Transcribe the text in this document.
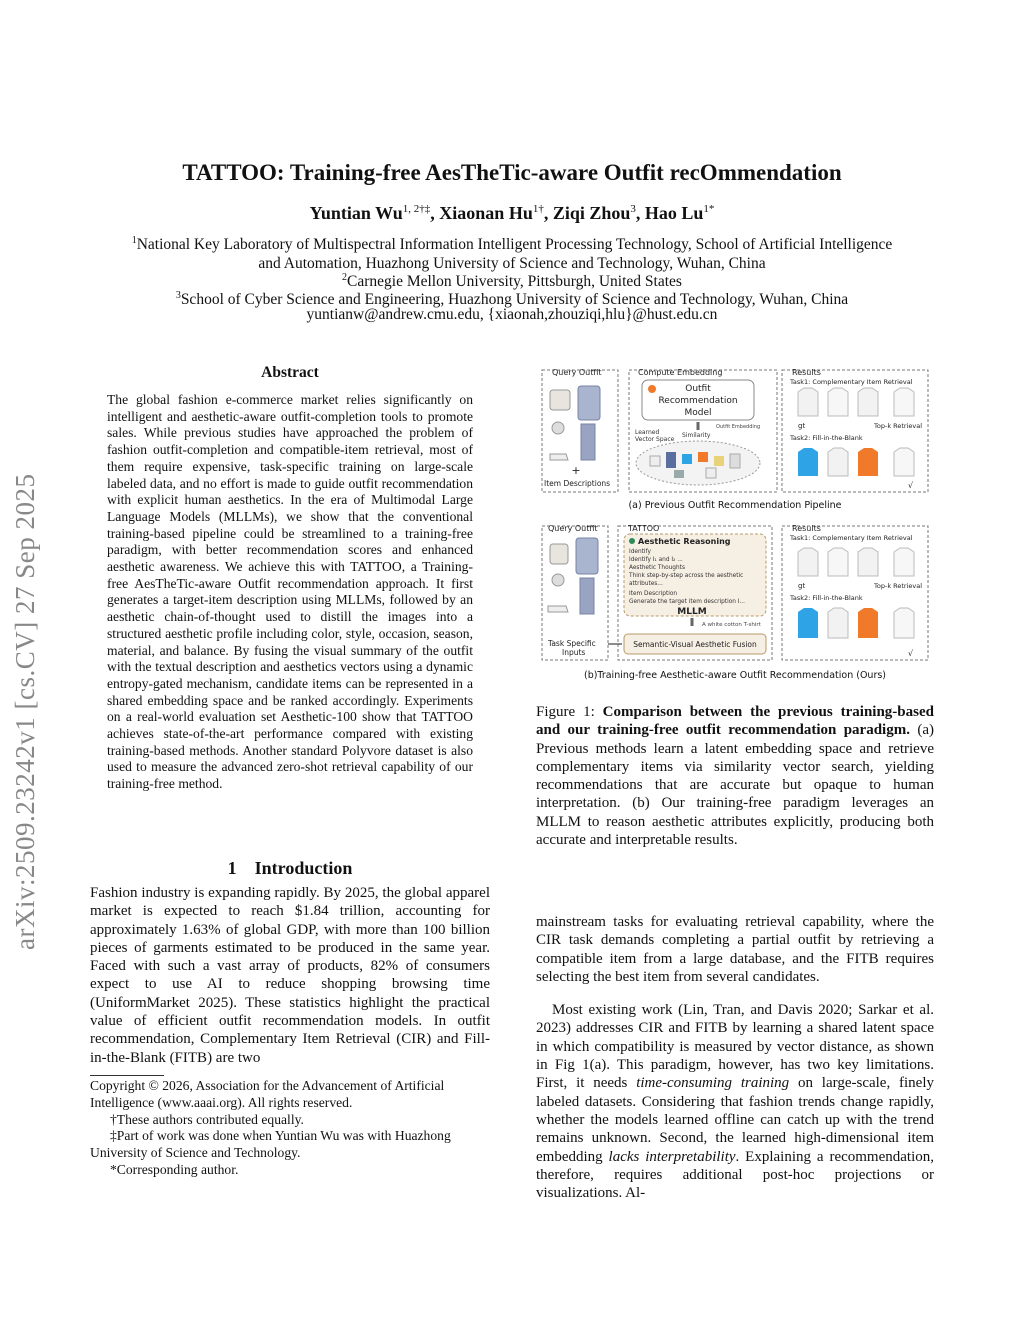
arXiv:2509.23242v1 [cs.CV] 27 Sep 2025
TATTOO: Training-free AesTheTic-aware Outfit recOmmendation
Yuntian $Wu^{1, 2\dagger\ddagger}$, Xiaonan $Hu^{1\dagger}$, Ziqi Zhou$^3$, Hao $Lu^{1*}$
$^1$National Key Laboratory of Multispectral Information Intelligent Processing Technology, School of Artificial Intelligence
and Automation, Huazhong University of Science and Technology, Wuhan, China
$^2$Carnegie Mellon University, Pittsburgh, United States
$^3$School of Cyber Science and Engineering, Huazhong University of Science and Technology, Wuhan, China
yuntianw@andrew.cmu.edu, {xiaonah,zhouziqi,hlu}@hust.edu.cn
Abstract
The global fashion e-commerce market relies significantly on intelligent and aesthetic-aware outfit-completion tools to promote sales. While previous studies have approached the problem of fashion outfit-completion and compatible-item retrieval, most of them require expensive, task-specific training on large-scale labeled data, and no effort is made to guide outfit recommendation with explicit human aesthetics. In the era of Multimodal Large Language Models (MLLMs), we show that the conventional training-based pipeline could be streamlined to a training-free paradigm, with better recommendation scores and enhanced aesthetic awareness. We achieve this with TATTOO, a Training-free AesTheTic-aware Outfit recommendation approach. It first generates a target-item description using MLLMs, followed by an aesthetic chain-of-thought used to distill the images into a structured aesthetic profile including color, style, occasion, season, material, and balance. By fusing the visual summary of the outfit with the textual description and aesthetics vectors using a dynamic entropy-gated mechanism, candidate items can be represented in a shared embedding space and be ranked accordingly. Experiments on a real-world evaluation set Aesthetic-100 show that TATTOO achieves state-of-the-art performance compared with existing training-based methods. Another standard Polyvore dataset is also used to measure the advanced zero-shot retrieval capability of our training-free method.
1    Introduction
Fashion industry is expanding rapidly. By 2025, the global apparel market is expected to reach $1.84 trillion, accounting for approximately 1.63% of global GDP, with more than 100 billion pieces of garments estimated to be produced in the same year. Faced with such a vast array of products, 82% of consumers expect to use AI to reduce shopping browsing time (UniformMarket 2025). These statistics highlight the practical value of efficient outfit recommendation models. In outfit recommendation, Complementary Item Retrieval (CIR) and Fill-in-the-Blank (FITB) are two
Copyright © 2026, Association for the Advancement of Artificial Intelligence (www.aaai.org). All rights reserved.
†These authors contributed equally.
‡Part of work was done when Yuntian Wu was with Huazhong University of Science and Technology.
*Corresponding author.
Query Outfit
+
Item Descriptions
Compute Embedding
Outfit
Recommendation
Model
Outfit Embedding
Learned
Vector Space
Similarity
Results
Task1: Complementary Item Retrieval
gt	Top-k Retrieval
Task2: Fill-in-the-Blank
√
(a) Previous Outfit Recommendation Pipeline
Query Outfit
Task Specific
Inputs
TATTOO
Aesthetic Reasoning
Identify
Identify I₁ and I₂ ...
Aesthetic Thoughts
Think step-by-step across the aesthetic
attributes...
Item Description
Generate the target item description I...
MLLM
A white cotton T-shirt
Semantic-Visual Aesthetic Fusion
Results
Task1: Complementary Item Retrieval
gt	Top-k Retrieval
Task2: Fill-in-the-Blank
√
(b)Training-free Aesthetic-aware Outfit Recommendation (Ours)
Figure 1: Comparison between the previous training-based and our training-free outfit recommendation paradigm. (a) Previous methods learn a latent embedding space and retrieve complementary items via similarity vector search, yielding recommendations that are accurate but opaque to human interpretation. (b) Our training-free paradigm leverages an MLLM to reason aesthetic attributes explicitly, producing both accurate and interpretable results.

mainstream tasks for evaluating retrieval capability, where the CIR task demands completing a partial outfit by retrieving a compatible item from a large database, and the FITB requires selecting the best item from several candidates.

Most existing work (Lin, Tran, and Davis 2020; Sarkar et al. 2023) addresses CIR and FITB by learning a shared latent space in which compatibility is measured by vector distance, as shown in Fig 1(a). This paradigm, however, has two key limitations. First, it needs time-consuming training on large-scale, finely labeled datasets. Considering that fashion trends change rapidly, whether the models learned offline can catch up with the trend remains unknown. Second, the learned high-dimensional item embedding lacks interpretability. Explaining a recommendation, therefore, requires additional post-hoc projections or visualizations. Al-
